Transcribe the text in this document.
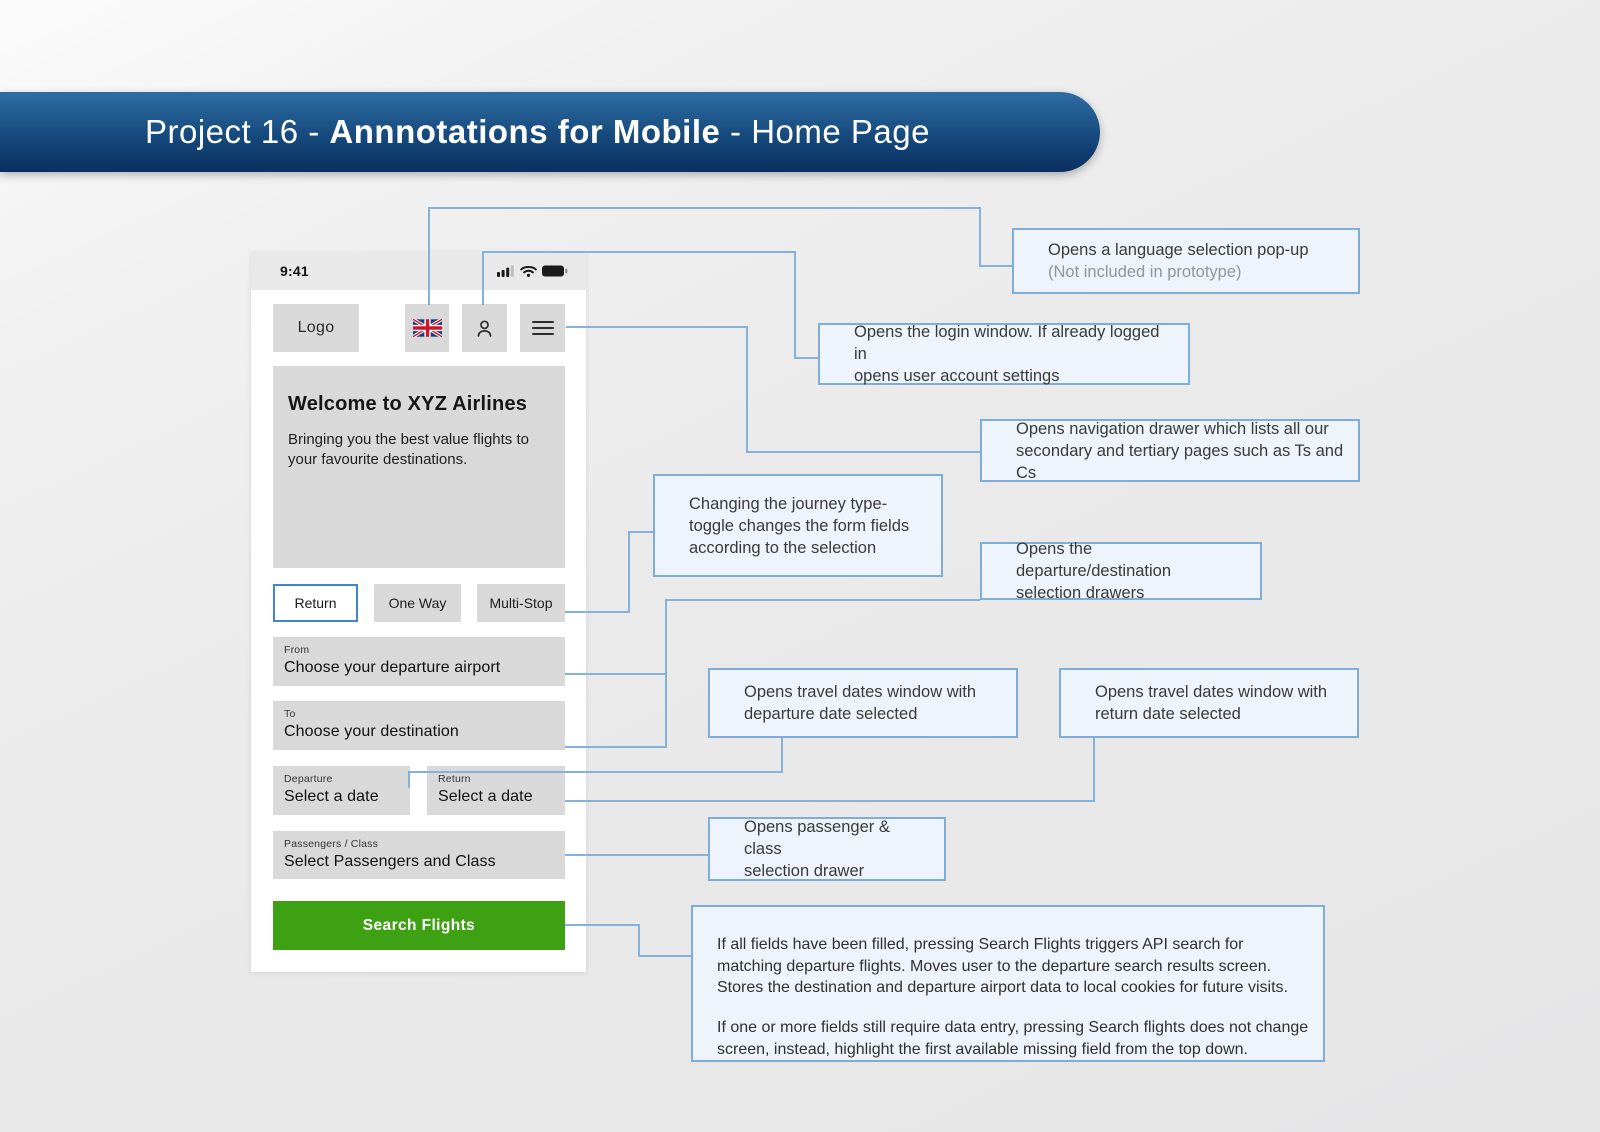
Project 16 - Annnotations for Mobile - Home Page
9:41
Logo
Welcome to XYZ Airlines

Bringing you the best value flights to your favourite destinations.

Return	One Way	Multi-Stop
From
Choose your departure airport
To
Choose your destination
Departure
Select a date
Return
Select a date
Passengers / Class
Select Passengers and Class
Search Flights
Opens a language selection pop-up
(Not included in prototype)
Opens the login window. If already logged in
opens user account settings
Opens navigation drawer which lists all our
secondary and tertiary pages such as Ts and Cs
Changing the journey type-
toggle changes the form fields
according to the selection	Opens the departure/destination
selection drawers
Opens travel dates window with
departure date selected
Opens travel dates window with
return date selected
Opens passenger & class
selection drawer
If all fields have been filled, pressing Search Flights triggers API search for
matching departure flights. Moves user to the departure search results screen.
Stores the destination and departure airport data to local cookies for future visits.
If one or more fields still require data entry, pressing Search flights does not change
screen, instead, highlight the first available missing field from the top down.
